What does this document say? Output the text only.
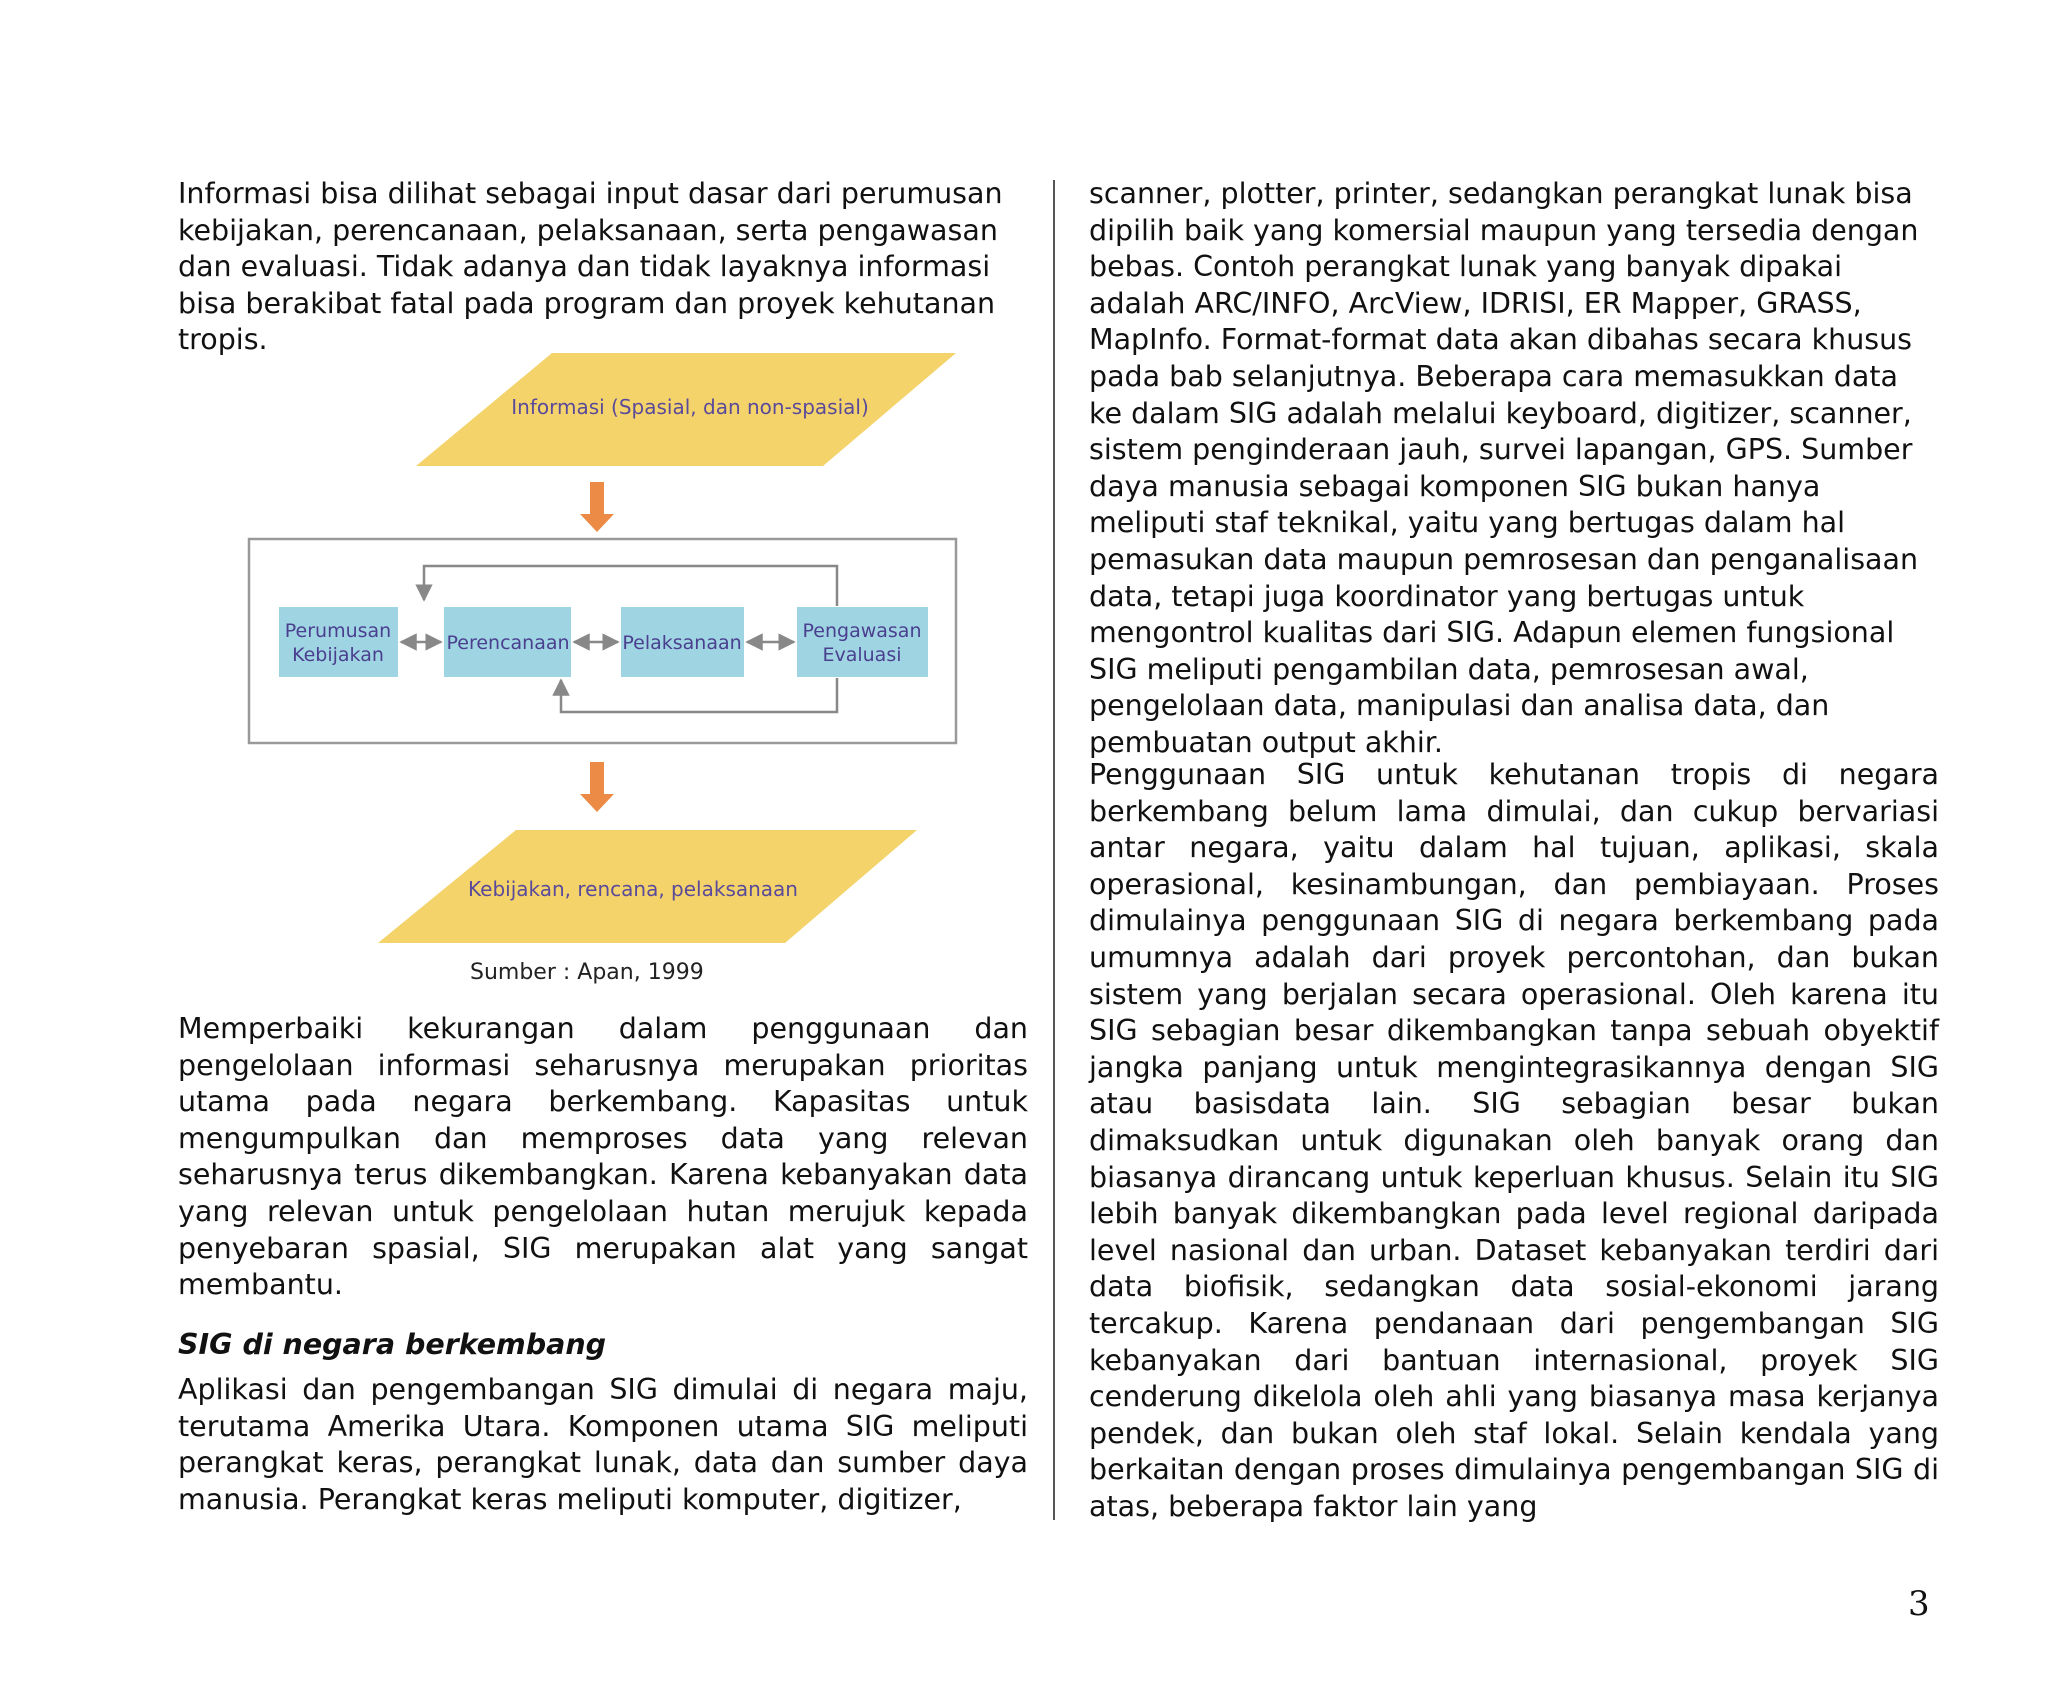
Informasi bisa dilihat sebagai input dasar dari perumusan kebijakan, perencanaan, pelaksanaan, serta pengawasan dan evaluasi. Tidak adanya dan tidak layaknya informasi bisa berakibat fatal pada program dan proyek kehutanan tropis.

Informasi (Spasial, dan non-spasial)
Perumusan
Kebijakan
Perencanaan	Pelaksanaan
Pengawasan
Evaluasi
Kebijakan, rencana, pelaksanaan
Sumber : Apan, 1999

Memperbaiki kekurangan dalam penggunaan dan pengelolaan informasi seharusnya merupakan prioritas utama pada negara berkembang. Kapasitas untuk mengumpulkan dan memproses data yang relevan seharusnya terus dikembangkan. Karena kebanyakan data yang relevan untuk pengelolaan hutan merujuk kepada penyebaran spasial, SIG merupakan alat yang sangat membantu.

SIG di negara berkembang

Aplikasi dan pengembangan SIG dimulai di negara maju, terutama Amerika Utara. Komponen utama SIG meliputi perangkat keras, perangkat lunak, data dan sumber daya manusia. Perangkat keras meliputi komputer, digitizer,

scanner, plotter, printer, sedangkan perangkat lunak bisa dipilih baik yang komersial maupun yang tersedia dengan bebas. Contoh perangkat lunak yang banyak dipakai adalah ARC/INFO, ArcView, IDRISI, ER Mapper, GRASS, MapInfo. Format-format data akan dibahas secara khusus pada bab selanjutnya. Beberapa cara memasukkan data ke dalam SIG adalah melalui keyboard, digitizer, scanner, sistem penginderaan jauh, survei lapangan, GPS. Sumber daya manusia sebagai komponen SIG bukan hanya meliputi staf teknikal, yaitu yang bertugas dalam hal pemasukan data maupun pemrosesan dan penganalisaan data, tetapi juga koordinator yang bertugas untuk mengontrol kualitas dari SIG. Adapun elemen fungsional SIG meliputi pengambilan data, pemrosesan awal, pengelolaan data, manipulasi dan analisa data, dan pembuatan output akhir.

Penggunaan SIG untuk kehutanan tropis di negara berkembang belum lama dimulai, dan cukup bervariasi antar negara, yaitu dalam hal tujuan, aplikasi, skala operasional, kesinambungan, dan pembiayaan. Proses dimulainya penggunaan SIG di negara berkembang pada umumnya adalah dari proyek percontohan, dan bukan sistem yang berjalan secara operasional. Oleh karena itu SIG sebagian besar dikembangkan tanpa sebuah obyektif jangka panjang untuk mengintegrasikannya dengan SIG atau basisdata lain. SIG sebagian besar bukan dimaksudkan untuk digunakan oleh banyak orang dan biasanya dirancang untuk keperluan khusus. Selain itu SIG lebih banyak dikembangkan pada level regional daripada level nasional dan urban. Dataset kebanyakan terdiri dari data biofisik, sedangkan data sosial-ekonomi jarang tercakup. Karena pendanaan dari pengembangan SIG kebanyakan dari bantuan internasional, proyek SIG cenderung dikelola oleh ahli yang biasanya masa kerjanya pendek, dan bukan oleh staf lokal. Selain kendala yang berkaitan dengan proses dimulainya pengembangan SIG di atas, beberapa faktor lain yang

3
